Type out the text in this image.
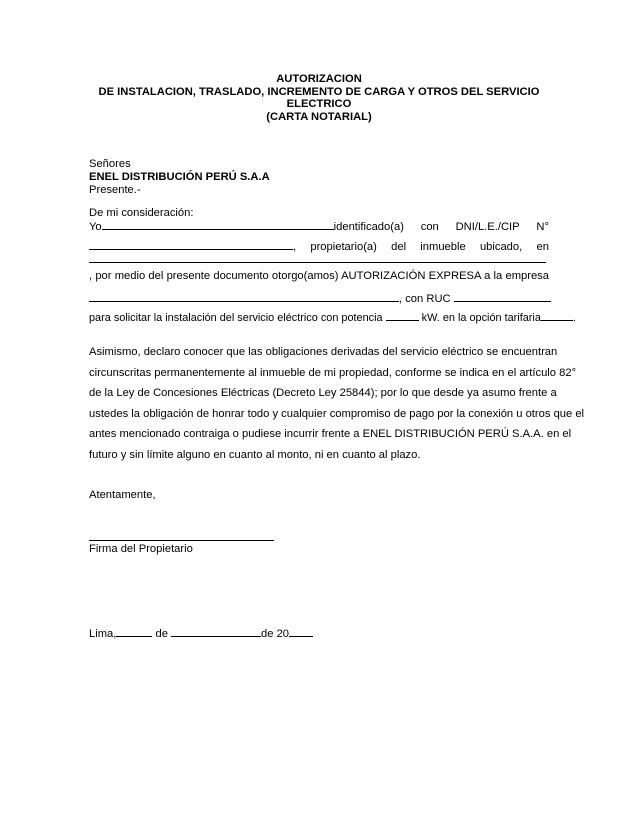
AUTORIZACION
DE INSTALACION, TRASLADO, INCREMENTO DE CARGA Y OTROS DEL SERVICIO
ELECTRICO
(CARTA NOTARIAL)
Señores
ENEL DISTRIBUCIÓN PERÚ S.A.A
Presente.-
De mi consideración:
Yo	identificado(a) con DNI/L.E./CIP N°
, propietario(a) del inmueble ubicado, en
, por medio del presente documento otorgo(amos) AUTORIZACIÓN EXPRESA a la empresa
, con RUC
para solicitar la instalación del servicio eléctrico con potencia	kW. en la opción tarifaria	.
Asimismo, declaro conocer que las obligaciones derivadas del servicio eléctrico se encuentran
circunscritas permanentemente al inmueble de mi propiedad, conforme se indica en el artículo 82°
de la Ley de Concesiones Eléctricas (Decreto Ley 25844); por lo que desde ya asumo frente a
ustedes la obligación de honrar todo y cualquier compromiso de pago por la conexión u otros que el
antes mencionado contraiga o pudiese incurrir frente a ENEL DISTRIBUCIÓN PERÚ S.A.A. en el
futuro y sin límite alguno en cuanto al monto, ni en cuanto al plazo.
Atentamente,
Firma del Propietario
Lima,	de	de 20
